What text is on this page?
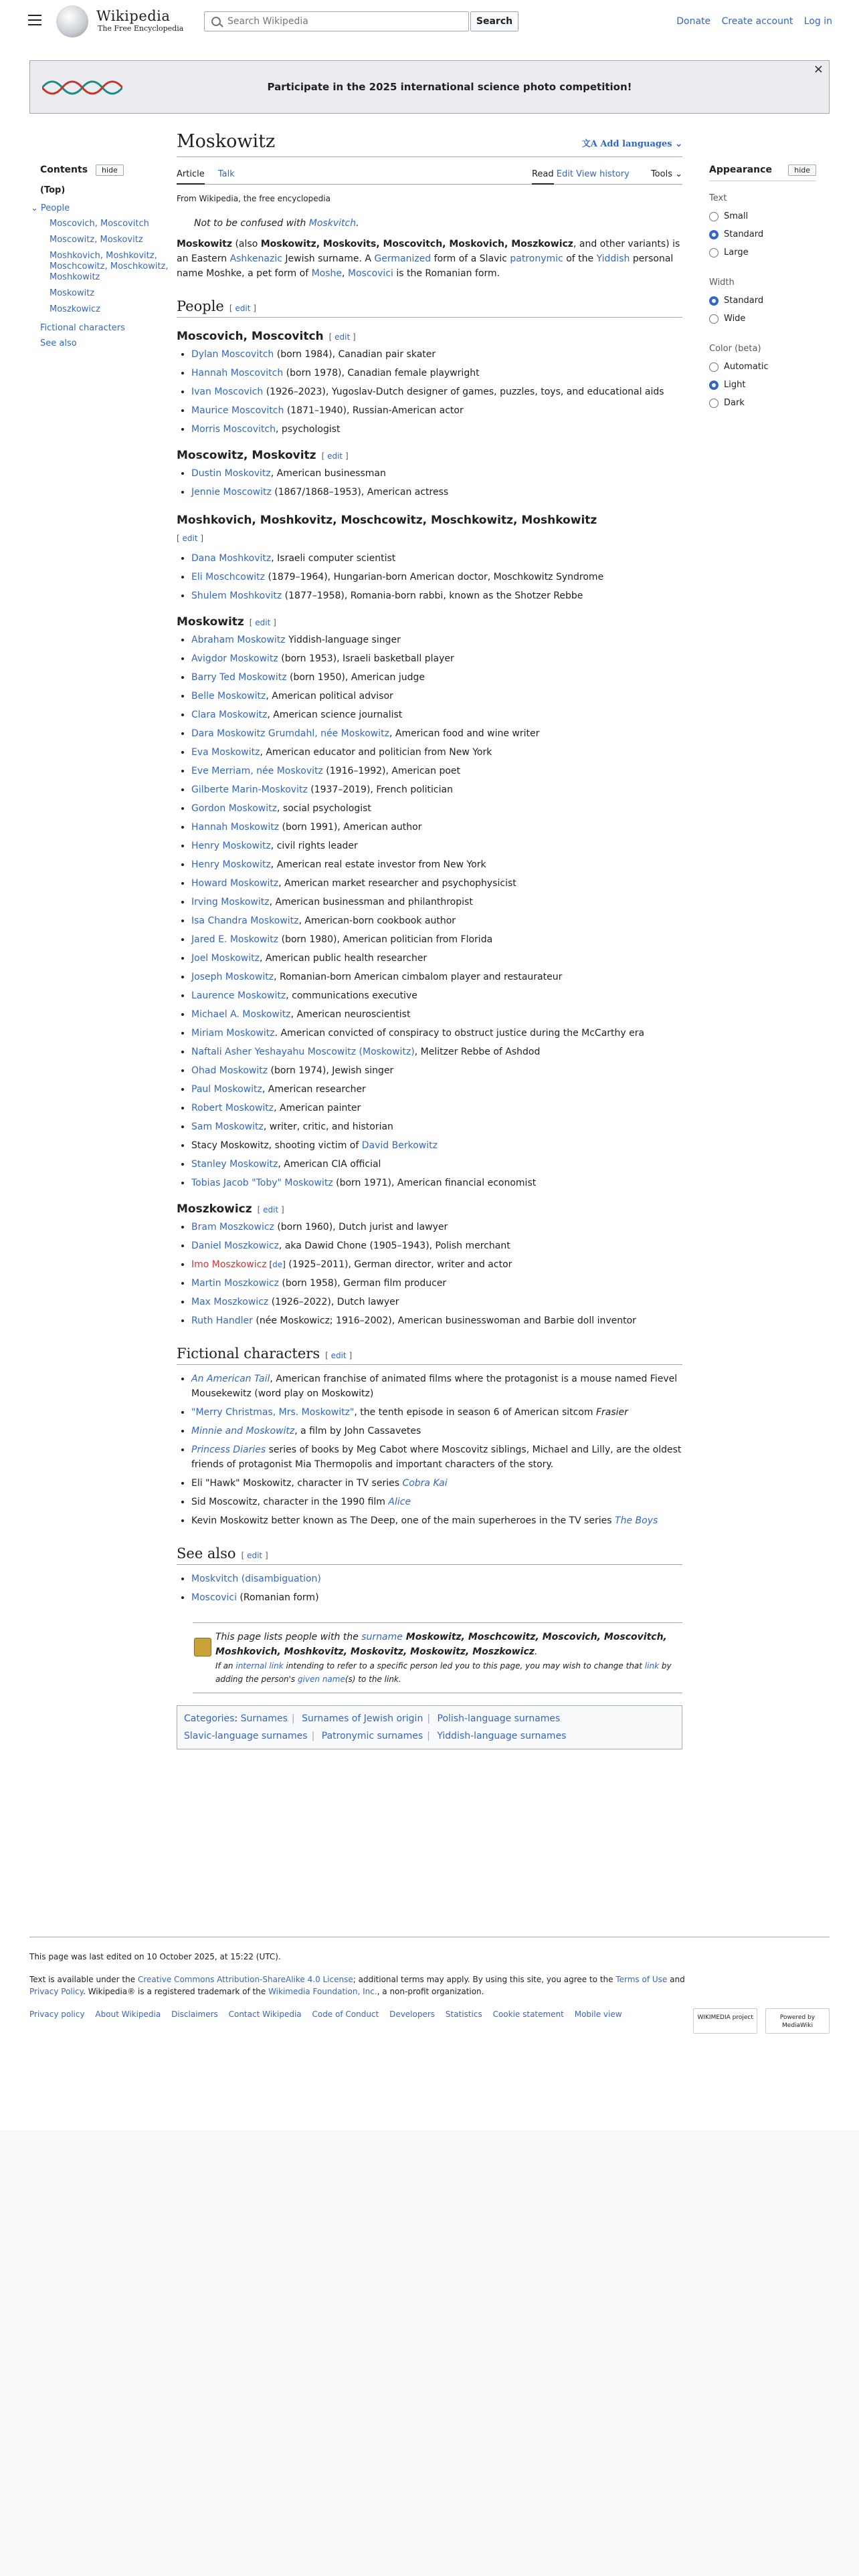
Wikipedia
The Free Encyclopedia
Search Wikipedia
Search	Donate Create account Log in
Participate in the 2025 international science photo competition!
×
Contents hide
(Top)
⌄ People
Moscovich, Moscovitch
Moscowitz, Moskovitz
Moshkovich, Moshkovitz, Moschcowitz, Moschkowitz, Moshkowitz
Moskowitz
Moszkowicz
Fictional characters
See also
Appearance	hide
Text
Small
Standard
Large
Width
Standard
Wide
Color (beta)
Automatic
Light
Dark
Moskowitz	文A Add languages ⌄
Article Talk	Read Edit View history Tools ⌄
From Wikipedia, the free encyclopedia
Not to be confused with Moskvitch.

Moskowitz (also Moskowitz, Moskovits, Moscovitch, Moskovich, Moszkowicz, and other variants) is an Eastern Ashkenazic Jewish surname. A Germanized form of a Slavic patronymic of the Yiddish personal name Moshke, a pet form of Moshe, Moscovici is the Romanian form.

People [ edit ]
Moscovich, Moscovitch [ edit ]
• Dylan Moscovitch (born 1984), Canadian pair skater
• Hannah Moscovitch (born 1978), Canadian female playwright
• Ivan Moscovich (1926–2023), Yugoslav-Dutch designer of games, puzzles, toys, and educational aids
• Maurice Moscovitch (1871–1940), Russian-American actor
• Morris Moscovitch, psychologist
Moscowitz, Moskovitz [ edit ]
• Dustin Moskovitz, American businessman
• Jennie Moscowitz (1867/1868–1953), American actress
Moshkovich, Moshkovitz, Moschcowitz, Moschkowitz, Moshkowitz
[ edit ]
• Dana Moshkovitz, Israeli computer scientist
• Eli Moschcowitz (1879–1964), Hungarian-born American doctor, Moschkowitz Syndrome
• Shulem Moshkovitz (1877–1958), Romania-born rabbi, known as the Shotzer Rebbe
Moskowitz [ edit ]
• Abraham Moskowitz Yiddish-language singer
• Avigdor Moskowitz (born 1953), Israeli basketball player
• Barry Ted Moskowitz (born 1950), American judge
• Belle Moskowitz, American political advisor
• Clara Moskowitz, American science journalist
• Dara Moskowitz Grumdahl, née Moskowitz, American food and wine writer
• Eva Moskowitz, American educator and politician from New York
• Eve Merriam, née Moskovitz (1916–1992), American poet
• Gilberte Marin-Moskovitz (1937–2019), French politician
• Gordon Moskowitz, social psychologist
• Hannah Moskowitz (born 1991), American author
• Henry Moskowitz, civil rights leader
• Henry Moskowitz, American real estate investor from New York
• Howard Moskowitz, American market researcher and psychophysicist
• Irving Moskowitz, American businessman and philanthropist
• Isa Chandra Moskowitz, American-born cookbook author
• Jared E. Moskowitz (born 1980), American politician from Florida
• Joel Moskowitz, American public health researcher
• Joseph Moskowitz, Romanian-born American cimbalom player and restaurateur
• Laurence Moskowitz, communications executive
• Michael A. Moskowitz, American neuroscientist
• Miriam Moskowitz. American convicted of conspiracy to obstruct justice during the McCarthy era
• Naftali Asher Yeshayahu Moscowitz (Moskowitz), Melitzer Rebbe of Ashdod
• Ohad Moskowitz (born 1974), Jewish singer
• Paul Moskowitz, American researcher
• Robert Moskowitz, American painter
• Sam Moskowitz, writer, critic, and historian
• Stacy Moskowitz, shooting victim of David Berkowitz
• Stanley Moskowitz, American CIA official
• Tobias Jacob "Toby" Moskowitz (born 1971), American financial economist
Moszkowicz [ edit ]
• Bram Moszkowicz (born 1960), Dutch jurist and lawyer
• Daniel Moszkowicz, aka Dawid Chone (1905–1943), Polish merchant
• Imo Moszkowicz [de] (1925–2011), German director, writer and actor
• Martin Moszkowicz (born 1958), German film producer
• Max Moszkowicz (1926–2022), Dutch lawyer
• Ruth Handler (née Moskowicz; 1916–2002), American businesswoman and Barbie doll inventor
Fictional characters [ edit ]
• An American Tail, American franchise of animated films where the protagonist is a mouse named Fievel Mousekewitz (word play on Moskowitz)
• "Merry Christmas, Mrs. Moskowitz", the tenth episode in season 6 of American sitcom Frasier
• Minnie and Moskowitz, a film by John Cassavetes
• Princess Diaries series of books by Meg Cabot where Moscovitz siblings, Michael and Lilly, are the oldest friends of protagonist Mia Thermopolis and important characters of the story.
• Eli "Hawk" Moskowitz, character in TV series Cobra Kai
• Sid Moscowitz, character in the 1990 film Alice
• Kevin Moskowitz better known as The Deep, one of the main superheroes in the TV series The Boys
See also [ edit ]
• Moskvitch (disambiguation)
• Moscovici (Romanian form)
This page lists people with the surname Moskowitz, Moschcowitz, Moscovich, Moscovitch, Moshkovich, Moshkovitz, Moskovitz, Moskowitz, Moszkowicz.
If an internal link intending to refer to a specific person led you to this page, you may wish to change that link by adding the person's given name(s) to the link.
Categories: Surnames | Surnames of Jewish origin | Polish-language surnames
Slavic-language surnames | Patronymic surnames | Yiddish-language surnames
This page was last edited on 10 October 2025, at 15:22 (UTC).
Text is available under the Creative Commons Attribution-ShareAlike 4.0 License; additional terms may apply. By using this site, you agree to the Terms of Use and Privacy Policy. Wikipedia® is a registered trademark of the Wikimedia Foundation, Inc., a non-profit organization.
Privacy policy About Wikipedia Disclaimers Contact Wikipedia Code of Conduct Developers Statistics Cookie statement Mobile view	WIKIMEDIA project	Powered by MediaWiki
